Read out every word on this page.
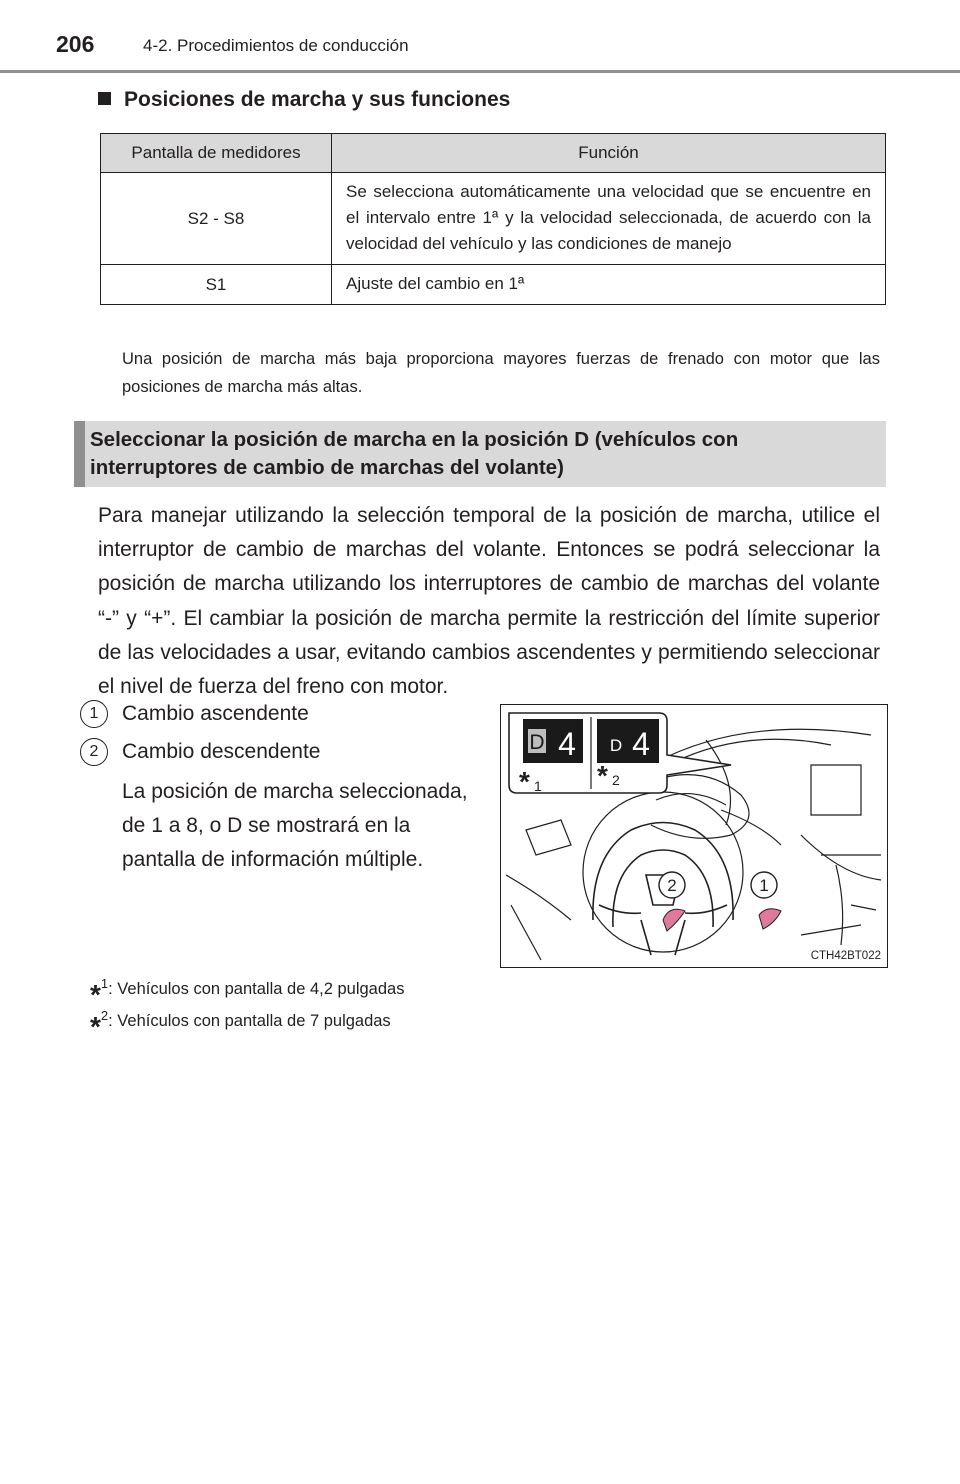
206	4-2. Procedimientos de conducción
Posiciones de marcha y sus funciones
Pantalla de medidores	Función
S2 - S8	Se selecciona automáticamente una velocidad que se encuentre en el intervalo entre 1ª y la velocidad seleccionada, de acuerdo con la velocidad del vehículo y las condiciones de manejo
S1	Ajuste del cambio en 1ª
Una posición de marcha más baja proporciona mayores fuerzas de frenado con motor que las posiciones de marcha más altas.
Seleccionar la posición de marcha en la posición D (vehículos con interruptores de cambio de marchas del volante)
Para manejar utilizando la selección temporal de la posición de marcha, utilice el interruptor de cambio de marchas del volante. Entonces se podrá seleccionar la posición de marcha utilizando los interruptores de cambio de marchas del volante “-” y “+”. El cambiar la posición de marcha permite la restricción del límite superior de las velocidades a usar, evitando cambios ascendentes y permitiendo seleccionar el nivel de fuerza del freno con motor.
1 Cambio ascendente
2 Cambio descendente
La posición de marcha seleccionada, de 1 a 8, o D se mostrará en la pantalla de información múltiple.
2	1
D 4 D 4
* 1 * 2
CTH42BT022
*$^1$: Vehículos con pantalla de 4,2 pulgadas
*$^2$: Vehículos con pantalla de 7 pulgadas
